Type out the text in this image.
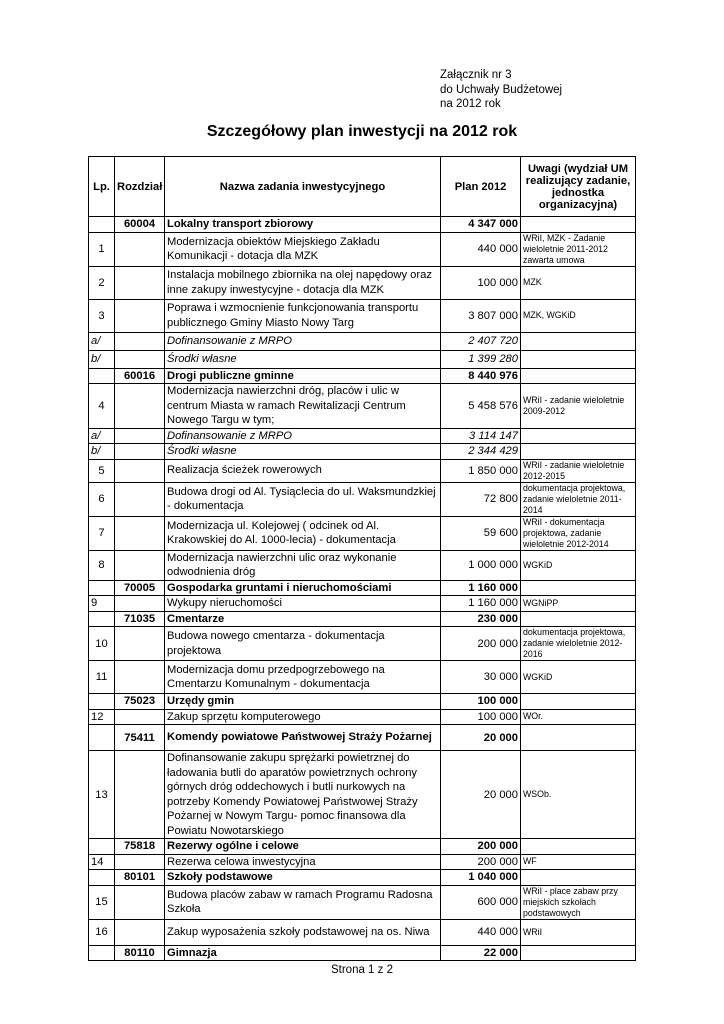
Załącznik nr 3
do Uchwały Budżetowej
na 2012 rok
Szczegółowy plan inwestycji na 2012 rok
Lp.	Rozdział	Nazwa zadania inwestycyjnego	Plan 2012	Uwagi (wydział UM realizujący zadanie, jednostka organizacyjna)
	60004	Lokalny transport zbiorowy	4 347 000	
1		Modernizacja obiektów Miejskiego Zakładu Komunikacji - dotacja dla MZK	440 000	WRiI, MZK - Zadanie wieloletnie 2011-2012 zawarta umowa
2		Instalacja mobilnego zbiornika na olej napędowy oraz inne zakupy inwestycyjne - dotacja dla MZK	100 000	MZK
3		Poprawa i wzmocnienie funkcjonowania transportu publicznego Gminy Miasto Nowy Targ	3 807 000	MZK, WGKiD
a/		Dofinansowanie z MRPO	2 407 720	
b/		Środki własne	1 399 280	
	60016	Drogi publiczne gminne	8 440 976	
4		Modernizacja nawierzchni dróg, placów i ulic w centrum Miasta w ramach Rewitalizacji Centrum Nowego Targu w tym;	5 458 576	WRiI - zadanie wieloletnie 2009-2012
a/		Dofinansowanie z MRPO	3 114 147	
b/		Środki własne	2 344 429	
5		Realizacja ścieżek rowerowych	1 850 000	WRiI - zadanie wieloletnie 2012-2015
6		Budowa drogi od Al. Tysiąclecia do ul. Waksmundzkiej - dokumentacja	72 800	dokumentacja projektowa, zadanie wieloletnie 2011-2014
7		Modernizacja ul. Kolejowej ( odcinek od Al. Krakowskiej do Al. 1000-lecia) - dokumentacja	59 600	WRiI - dokumentacja projektowa, zadanie wieloletnie 2012-2014
8		Modernizacja nawierzchni ulic oraz wykonanie odwodnienia dróg	1 000 000	WGKiD
	70005	Gospodarka gruntami i nieruchomościami	1 160 000	
9		Wykupy nieruchomości	1 160 000	WGNiPP
	71035	Cmentarze	230 000	
10		Budowa nowego cmentarza - dokumentacja projektowa	200 000	dokumentacja projektowa, zadanie wieloletnie 2012-2016
11		Modernizacja domu przedpogrzebowego na Cmentarzu Komunalnym - dokumentacja	30 000	WGKiD
	75023	Urzędy gmin	100 000	
12		Zakup sprzętu komputerowego	100 000	WOr.
	75411	Komendy powiatowe Państwowej Straży Pożarnej	20 000	
13		Dofinansowanie zakupu sprężarki powietrznej do ładowania butli do aparatów powietrznych ochrony górnych dróg oddechowych i butli nurkowych na potrzeby Komendy Powiatowej Państwowej Straży Pożarnej w Nowym Targu- pomoc finansowa dla Powiatu Nowotarskiego	20 000	WSOb.
	75818	Rezerwy ogólne i celowe	200 000	
14		Rezerwa celowa inwestycyjna	200 000	WF
	80101	Szkoły podstawowe	1 040 000	
15		Budowa placów zabaw w ramach Programu Radosna Szkoła	600 000	WRiI - place zabaw przy miejskich szkołach podstawowych
16		Zakup wyposażenia szkoły podstawowej na os. Niwa	440 000	WRiI
	80110	Gimnazja	22 000	
Strona 1 z 2
